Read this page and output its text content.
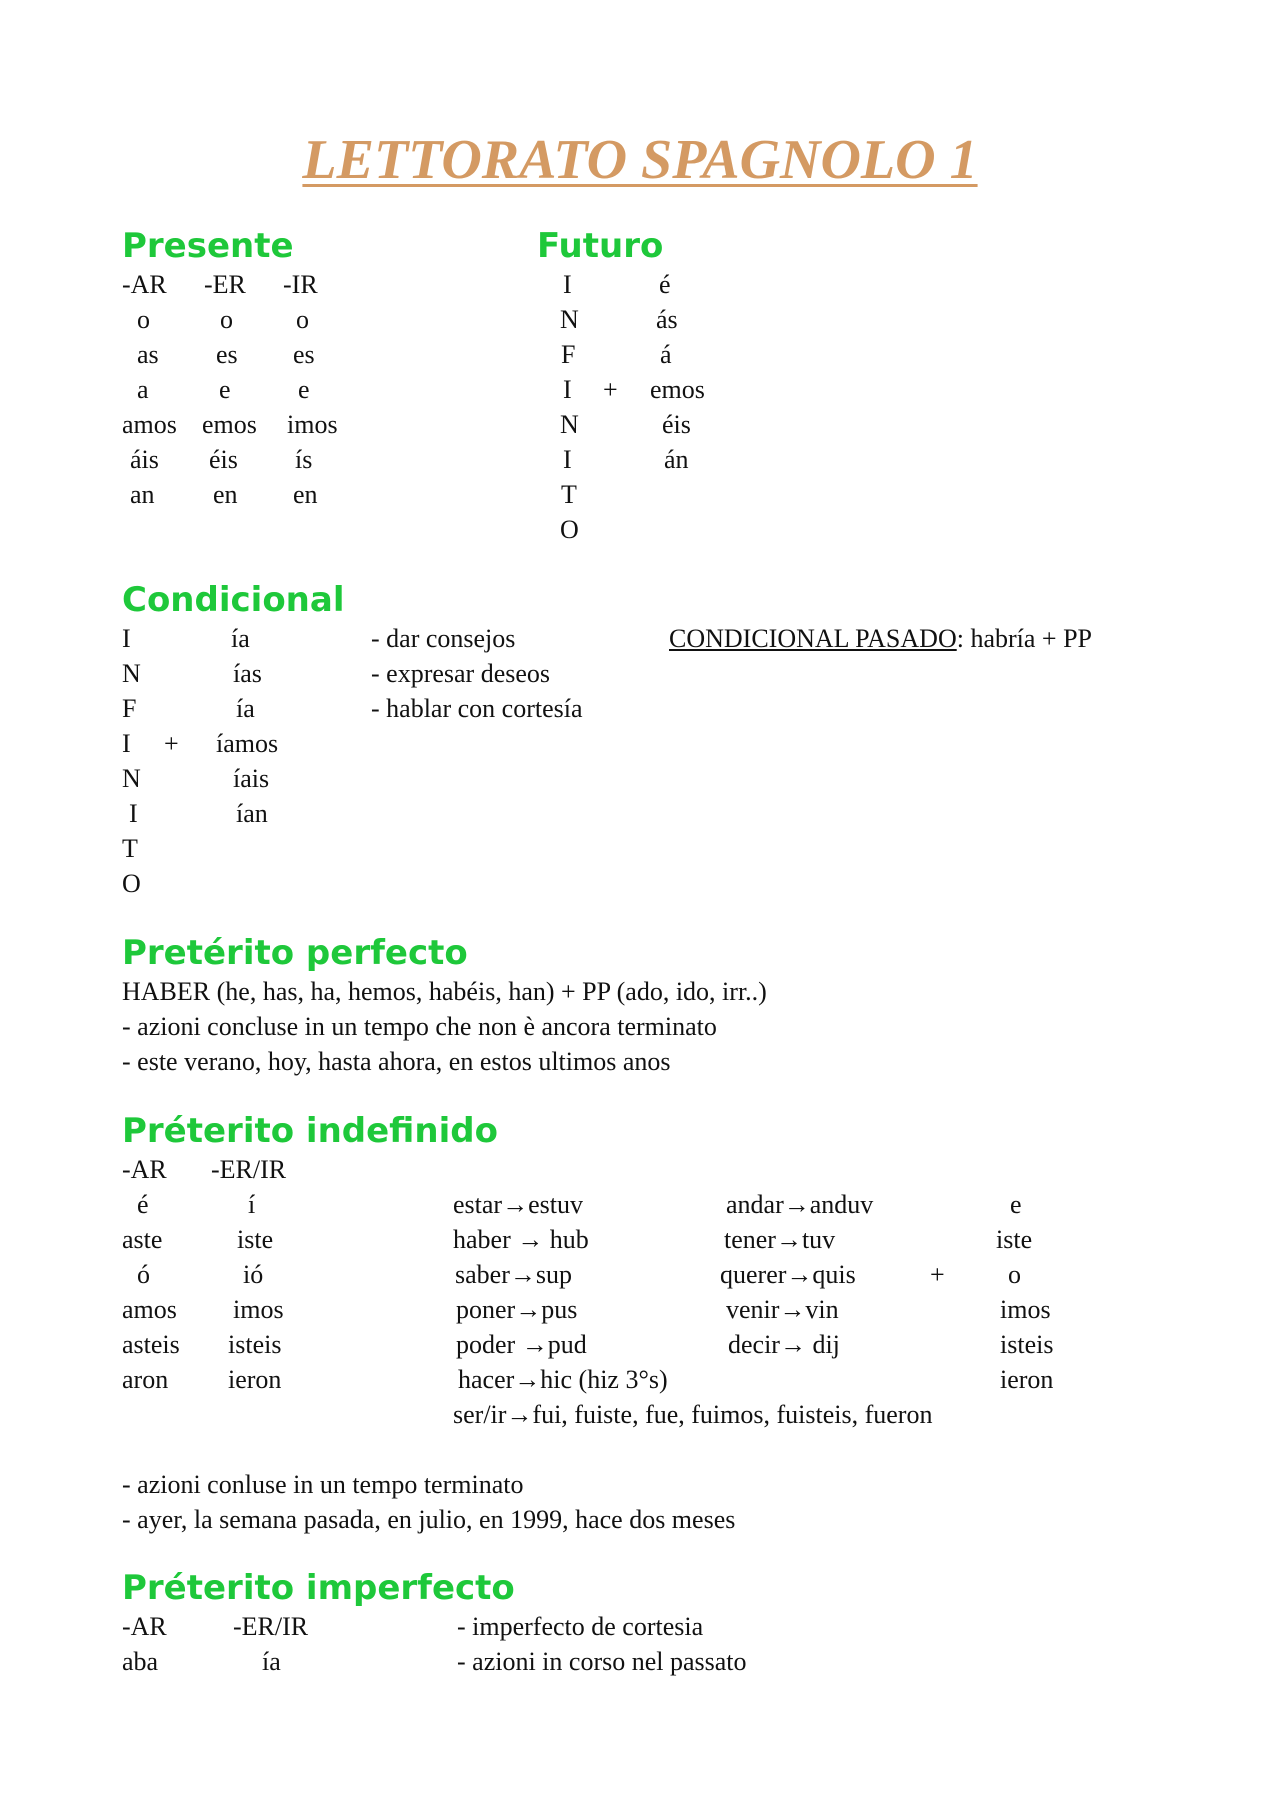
LETTORATO SPAGNOLO 1
Presente
-AR -ER -IR
o
as
a
amos
áis
an
o
es
e
emos
éis
en
o
es
e
imos
ís
en
Futuro
I
N
F
I
N
I
T
O
+
é
ás
á
emos
éis
án
Condicional
I
N
F
I
N
I
T
O
+
ía
ías
ía
íamos
íais
ían
- dar consejos
- expresar deseos
- hablar con cortesía
CONDICIONAL PASADO: habría + PP
Pretérito perfecto
HABER (he, has, ha, hemos, habéis, han) + PP (ado, ido, irr..)
- azioni concluse in un tempo che non è ancora terminato
- este verano, hoy, hasta ahora, en estos ultimos anos
Préterito indefinido
-AR -ER/IR
é
aste
ó
amos
asteis
aron
í
iste
ió
imos
isteis
ieron
estar→estuv
haber → hub
saber→sup
poner→pus
poder →pud
hacer→hic (hiz 3°s)
ser/ir→fui, fuiste, fue, fuimos, fuisteis, fueron
andar→anduv
tener→tuv
querer→quis
venir→vin
decir→ dij
+
e
iste
o
imos
isteis
ieron
- azioni conluse in un tempo terminato
- ayer, la semana pasada, en julio, en 1999, hace dos meses
Préterito imperfecto
-AR	-ER/IR
aba	ía
- imperfecto de cortesia
- azioni in corso nel passato
